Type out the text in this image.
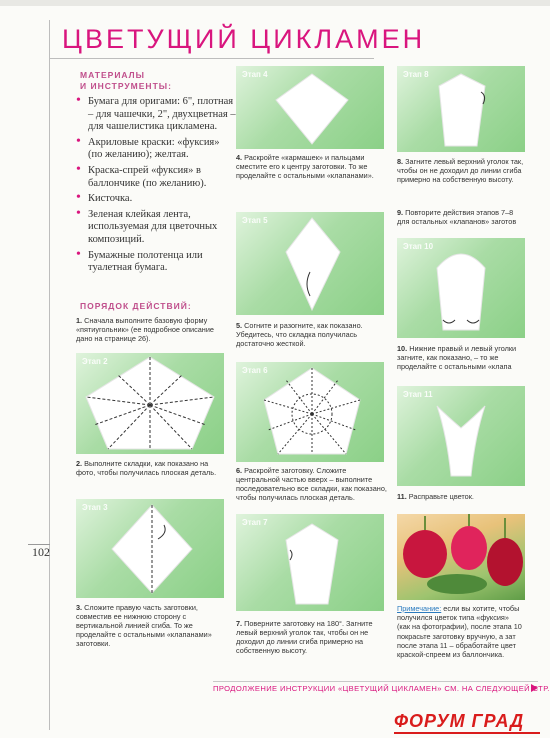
ЦВЕТУЩИЙ ЦИКЛАМЕН
МАТЕРИАЛЫ
И ИНСТРУМЕНТЫ:
• Бумага для оригами: 6", плотная – для чашечки, 2", двухцветная – для чашелистика цикламена.
• Акриловые краски: «фуксия» (по желанию); желтая.
• Краска-спрей «фуксия» в баллончике (по желанию).
• Кисточка.
• Зеленая клейкая лента, используемая для цветочных композиций.
• Бумажные полотенца или туалетная бумага.
ПОРЯДОК ДЕЙСТВИЙ:
1. Сначала выполните базовую форму «пятиугольник» (ее подробное описание дано на странице 26).
Этап 2
2. Выполните складки, как показано на фото, чтобы получилась плоская деталь.
Этап 3
3. Сложите правую часть заготовки, совместив ее нижнюю сторону с вертикальной линией сгиба. То же проделайте с остальными «клапанами» заготовки.
Этап 4
4. Раскройте «кармашек» и пальцами сместите его к центру заготовки. То же проделайте с остальными «клапанами».
Этап 5
5. Согните и разогните, как показано. Убедитесь, что складка получилась достаточно жесткой.
Этап 6
6. Раскройте заготовку. Сложите центральной частью вверх – выполните последовательно все складки, как показано, чтобы получилась плоская деталь.
Этап 7
7. Поверните заготовку на 180°. Загните левый верхний уголок так, чтобы он не доходил до линии сгиба примерно на собственную высоту.
Этап 8
8. Загните левый верхний уголок так, чтобы он не доходил до линии сгиба примерно на собственную высоту.
9. Повторите действия этапов 7–8 для остальных «клапанов» заготов
Этап 10
10. Нижние правый и левый уголки загните, как показано, – то же проделайте с остальными «клапа
Этап 11
11. Расправьте цветок.
Примечание: если вы хотите, чтобы получился цветок типа «фуксия» (как на фотографии), после этапа 10 покрасьте заготовку вручную, а зат после этапа 11 – обработайте цвет краской-спреем из баллончика.
102
ПРОДОЛЖЕНИЕ ИНСТРУКЦИИ «ЦВЕТУЩИЙ ЦИКЛАМЕН» СМ. НА СЛЕДУЮЩЕЙ СТР.
ФОРУМ ГРАД
